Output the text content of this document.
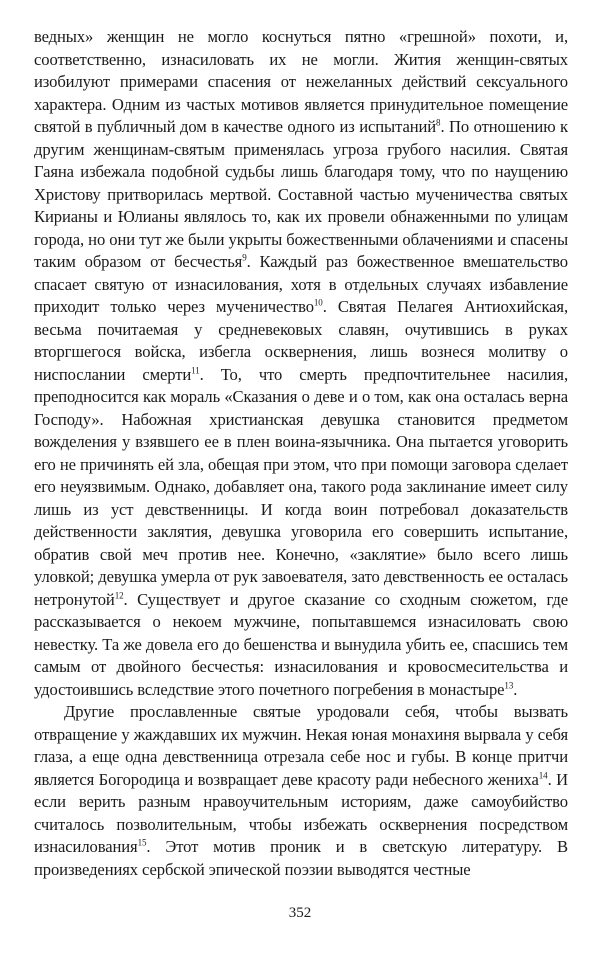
ведных» женщин не могло коснуться пятно «грешной» похоти, и, соответственно, изнасиловать их не могли. Жития женщин-святых изобилуют примерами спасения от нежеланных действий сексуального характера. Одним из частых мотивов является принудительное помещение святой в публичный дом в качестве одного из испытаний$^8$. По отношению к другим женщинам-святым применялась угроза грубого насилия. Святая Гаяна избежала подобной судьбы лишь благодаря тому, что по наущению Христову притворилась мертвой. Составной частью мученичества святых Кирианы и Юлианы являлось то, как их провели обнаженными по улицам города, но они тут же были укрыты божественными облачениями и спасены таким образом от бесчестья$^9$. Каждый раз божественное вмешательство спасает святую от изнасилования, хотя в отдельных случаях избавление приходит только через мученичество$^{10}$. Святая Пелагея Антиохийская, весьма почитаемая у средневековых славян, очутившись в руках вторгшегося войска, избегла осквернения, лишь вознеся молитву о ниспослании смерти$^{11}$. То, что смерть предпочтительнее насилия, преподносится как мораль «Сказания о деве и о том, как она осталась верна Господу». Набожная христианская девушка становится предметом вожделения у взявшего ее в плен воина-язычника. Она пытается уговорить его не причинять ей зла, обещая при этом, что при помощи заговора сделает его неуязвимым. Однако, добавляет она, такого рода заклинание имеет силу лишь из уст девственницы. И когда воин потребовал доказательств действенности заклятия, девушка уговорила его совершить испытание, обратив свой меч против нее. Конечно, «заклятие» было всего лишь уловкой; девушка умерла от рук завоевателя, зато девственность ее осталась нетронутой$^{12}$. Существует и другое сказание со сходным сюжетом, где рассказывается о некоем мужчине, попытавшемся изнасиловать свою невестку. Та же довела его до бешенства и вынудила убить ее, спасшись тем самым от двойного бесчестья: изнасилования и кровосмесительства и удостоившись вследствие этого почетного погребения в монастыре$^{13}$.

Другие прославленные святые уродовали себя, чтобы вызвать отвращение у жаждавших их мужчин. Некая юная монахиня вырвала у себя глаза, а еще одна девственница отрезала себе нос и губы. В конце притчи является Богородица и возвращает деве красоту ради небесного жениха$^{14}$. И если верить разным нравоучительным историям, даже самоубийство считалось позволительным, чтобы избежать осквернения посредством изнасилования$^{15}$. Этот мотив проник и в светскую литературу. В произведениях сербской эпической поэзии выводятся честные

352
